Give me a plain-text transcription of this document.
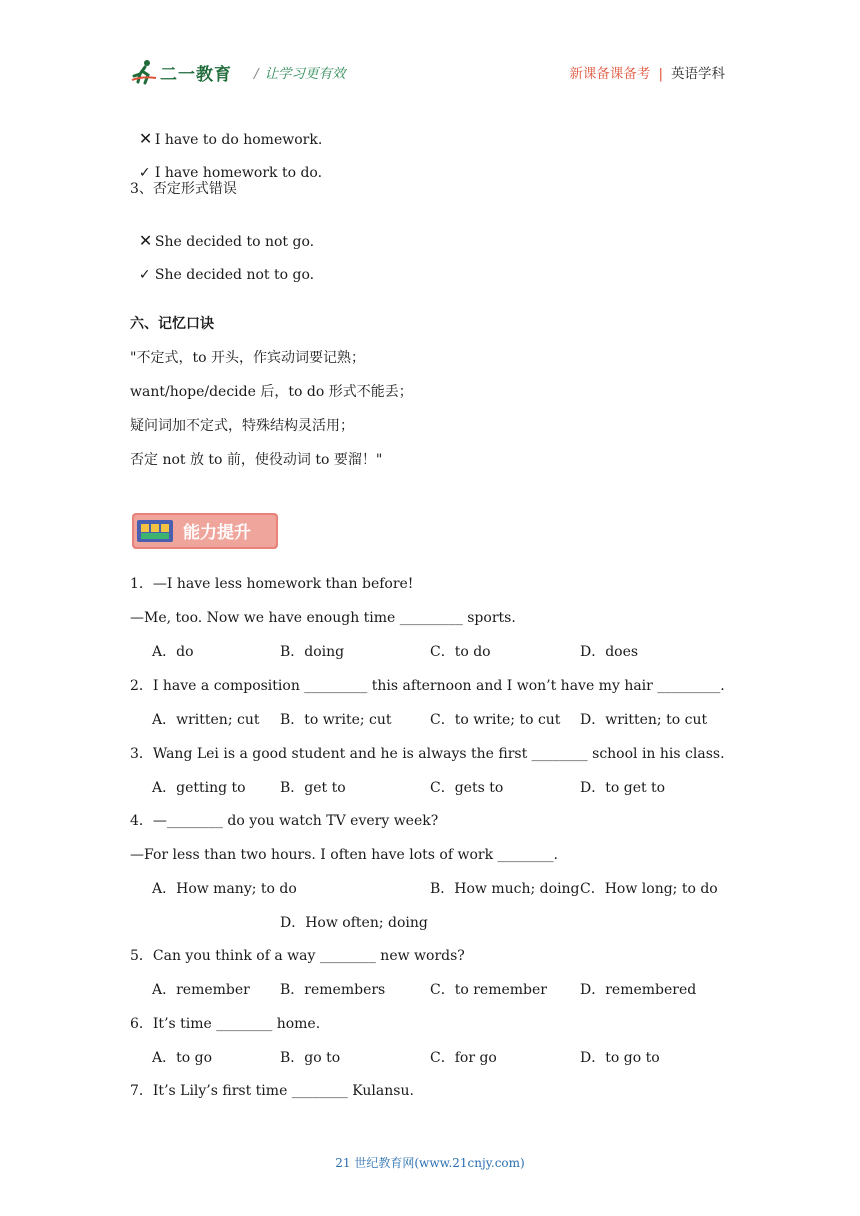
二一教育 / 让学习更有效	新课备课备考 | 英语学科

✕ I have to do homework.

✓ I have homework to do.

3、否定形式错误

✕ She decided to not go.

✓ She decided not to go.

六、记忆口诀
"不定式，to 开头，作宾动词要记熟；
want/hope/decide 后，to do 形式不能丢；
疑问词加不定式，特殊结构灵活用；
否定 not 放 to 前，使役动词 to 要溜！"
能力提升
1．—I have less homework than before!
—Me, too. Now we have enough time _________ sports.
A．do	B．doing	C．to do	D．does
2．I have a composition _________ this afternoon and I won’t have my hair _________.
A．written; cut B．to write; cut	C．to write; to cut D．written; to cut
3．Wang Lei is a good student and he is always the first ________ school in his class.
A．getting to B．get to	C．gets to	D．to get to
4．—________ do you watch TV every week?
—For less than two hours. I often have lots of work ________.
A．How many; to do	B．How much; doing C．How long; to do
D．How often; doing
5．Can you think of a way ________ new words?
A．remember B．remembers	C．to remember D．remembered
6．It’s time ________ home.
A．to go	B．go to	C．for go	D．to go to
7．It’s Lily’s first time ________ Kulansu.
21 世纪教育网(www.21cnjy.com)
